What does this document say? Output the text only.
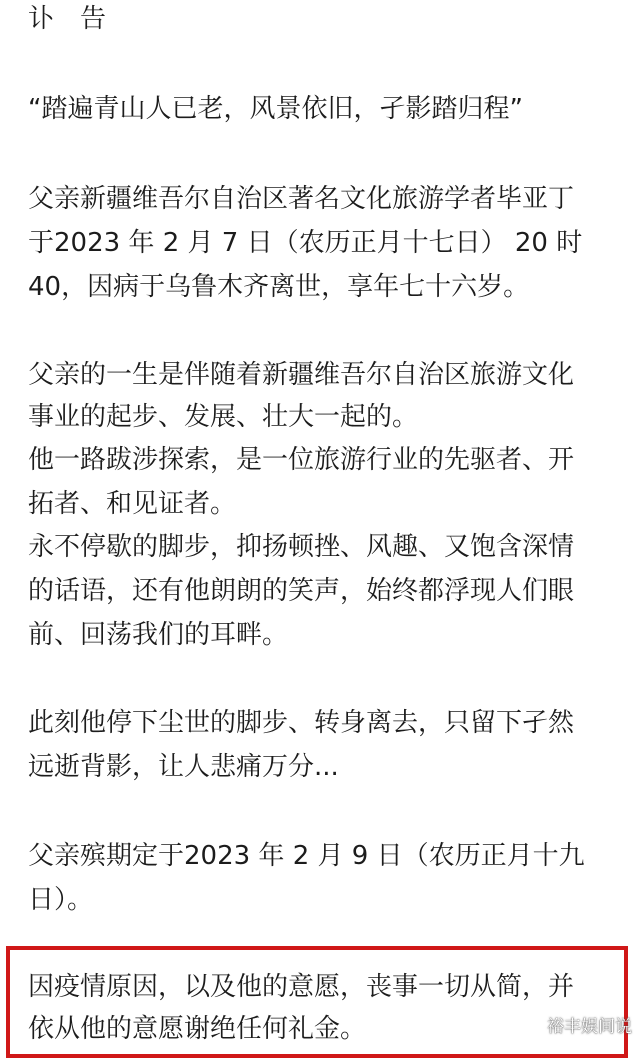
讣　告
“踏遍青山人已老，风景依旧，孑影踏归程”
父亲新疆维吾尔自治区著名文化旅游学者毕亚丁
于2023 年 2 月 7 日（农历正月十七日） 20 时
40，因病于乌鲁木齐离世，享年七十六岁。
父亲的一生是伴随着新疆维吾尔自治区旅游文化
事业的起步、发展、壮大一起的。
他一路跋涉探索，是一位旅游行业的先驱者、开
拓者、和见证者。
永不停歇的脚步，抑扬顿挫、风趣、又饱含深情
的话语，还有他朗朗的笑声，始终都浮现人们眼
前、回荡我们的耳畔。
此刻他停下尘世的脚步、转身离去，只留下孑然
远逝背影，让人悲痛万分...
父亲殡期定于2023 年 2 月 9 日（农历正月十九
日）。
因疫情原因，以及他的意愿，丧事一切从简，并
依从他的意愿谢绝任何礼金。	裕丰娱间说
